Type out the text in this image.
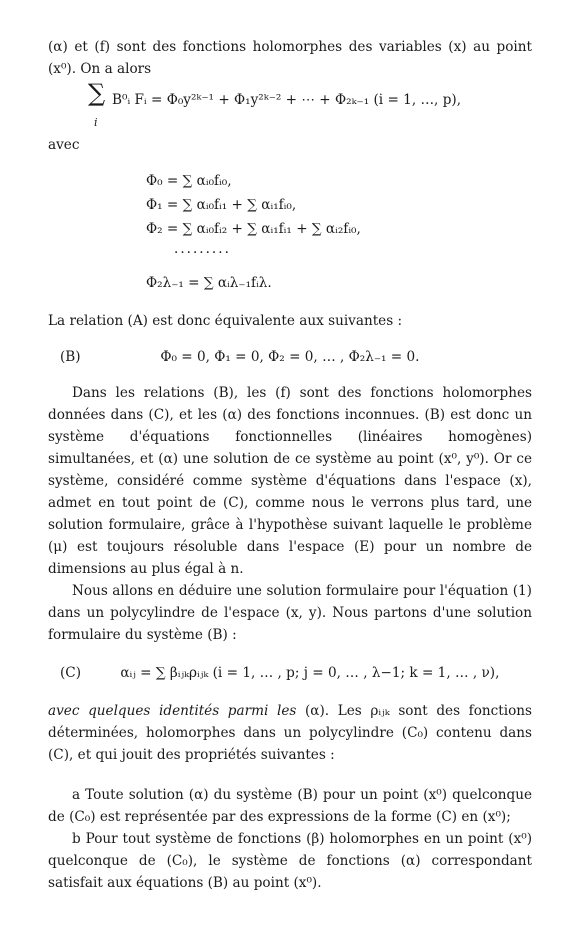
(α) et (f) sont des fonctions holomorphes des variables (x) au point (x⁰). On a alors

∑
i
B⁰ᵢ Fᵢ = Φ₀y²ᵏ⁻¹ + Φ₁y²ᵏ⁻² + ⋯ + Φ₂ₖ₋₁ (i = 1, …, p),

avec

Φ₀ = ∑ αᵢ₀fᵢ₀,
Φ₁ = ∑ αᵢ₀fᵢ₁ + ∑ αᵢ₁fᵢ₀,
Φ₂ = ∑ αᵢ₀fᵢ₂ + ∑ αᵢ₁fᵢ₁ + ∑ αᵢ₂fᵢ₀,
·········
Φ₂λ₋₁ = ∑ αᵢλ₋₁fᵢλ.

La relation (A) est donc équivalente aux suivantes :

(B)	Φ₀ = 0, Φ₁ = 0, Φ₂ = 0, … , Φ₂λ₋₁ = 0.

Dans les relations (B), les (f) sont des fonctions holomorphes données dans (C), et les (α) des fonctions inconnues. (B) est donc un système d'équations fonctionnelles (linéaires homogènes) simultanées, et (α) une solution de ce système au point (x⁰, y⁰). Or ce système, considéré comme système d'équations dans l'espace (x), admet en tout point de (C), comme nous le verrons plus tard, une solution formulaire, grâce à l'hypothèse suivant laquelle le problème (μ) est toujours résoluble dans l'espace (E) pour un nombre de dimensions au plus égal à n.

Nous allons en déduire une solution formulaire pour l'équation (1) dans un polycylindre de l'espace (x, y). Nous partons d'une solution formulaire du système (B) :

(C)	αᵢⱼ = ∑ βᵢⱼₖρᵢⱼₖ (i = 1, … , p; j = 0, … , λ−1; k = 1, … , ν),

avec quelques identités parmi les (α). Les ρᵢⱼₖ sont des fonctions déterminées, holomorphes dans un polycylindre (C₀) contenu dans (C), et qui jouit des propriétés suivantes :

a Toute solution (α) du système (B) pour un point (x⁰) quelconque de (C₀) est représentée par des expressions de la forme (C) en (x⁰);

b Pour tout système de fonctions (β) holomorphes en un point (x⁰) quelconque de (C₀), le système de fonctions (α) correspondant satisfait aux équations (B) au point (x⁰).
